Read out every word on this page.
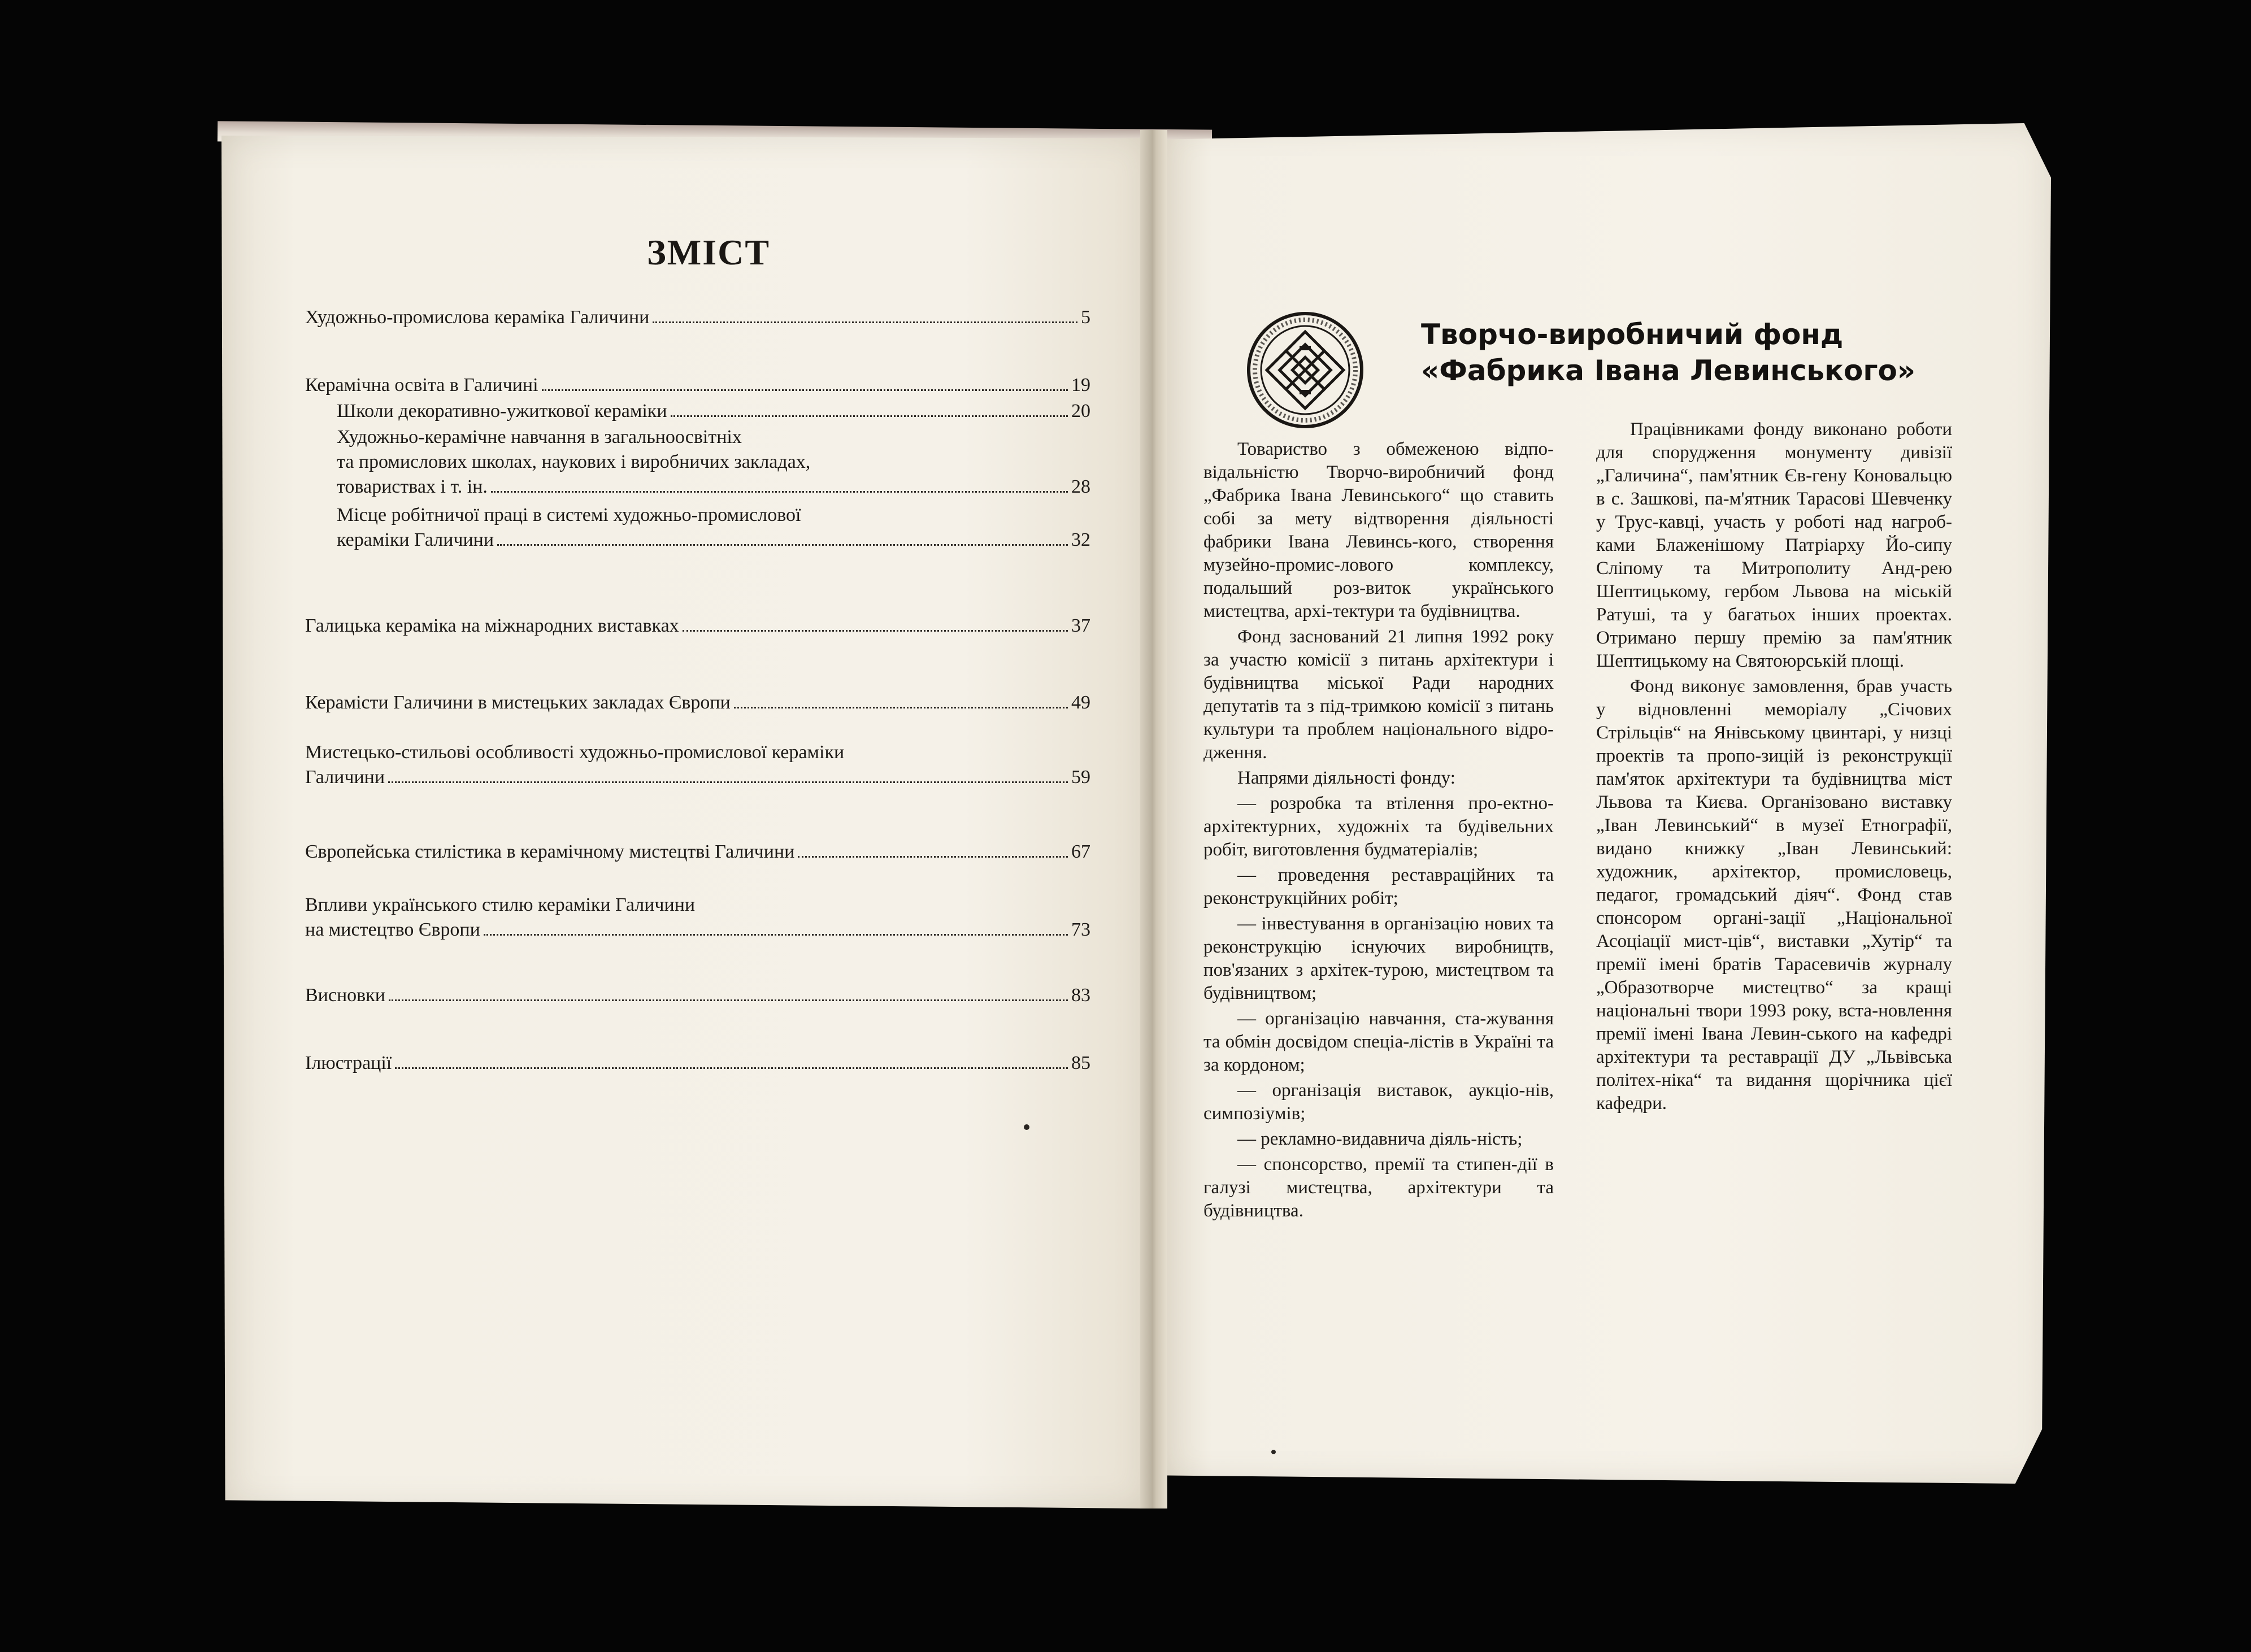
ЗМІСТ
Художньо-промислова кераміка Галичини	5
Керамічна освіта в Галичині	19
Школи декоративно-ужиткової кераміки	20
Художньо-керамічне навчання в загальноосвітніх
та промислових школах, наукових і виробничих закладах,
товариствах і т. ін.	28
Місце робітничої праці в системі художньо-промислової
кераміки Галичини	32
Галицька кераміка на міжнародних виставках	37
Керамісти Галичини в мистецьких закладах Європи	49
Мистецько-стильові особливості художньо-промислової кераміки
Галичини	59
Європейська стилістика в керамічному мистецтві Галичини	67
Впливи українського стилю кераміки Галичини
на мистецтво Європи	73
Висновки	83
Ілюстрації	85
Творчо-виробничий фонд
«Фабрика Івана Левинського»

Товариство з обмеженою відпо-відальністю Творчо-виробничий фонд „Фабрика Івана Левинського“ що ставить собі за мету відтворення діяльності фабрики Івана Левинсь-кого, створення музейно-промис-лового комплексу, подальший роз-виток українського мистецтва, архі-тектури та будівництва.

Фонд заснований 21 липня 1992 року за участю комісії з питань архітектури і будівництва міської Ради народних депутатів та з під-тримкою комісії з питань культури та проблем національного відро-дження.

Напрями діяльності фонду:

— розробка та втілення про-ектно-архітектурних, художніх та будівельних робіт, виготовлення будматеріалів;

— проведення реставраційних та реконструкційних робіт;

— інвестування в організацію нових та реконструкцію існуючих виробництв, пов'язаних з архітек-турою, мистецтвом та будівництвом;

— організацію навчання, ста-жування та обмін досвідом спеціа-лістів в Україні та за кордоном;

— організація виставок, аукціо-нів, симпозіумів;

— рекламно-видавнича діяль-ність;

— спонсорство, премії та стипен-дії в галузі мистецтва, архітектури та будівництва.

Працівниками фонду виконано роботи для спорудження монументу дивізії „Галичина“, пам'ятник Єв-гену Коновальцю в с. Зашкові, па-м'ятник Тарасові Шевченку у Трус-кавці, участь у роботі над нагроб-ками Блаженішому Патріарху Йо-сипу Сліпому та Митрополиту Анд-рею Шептицькому, гербом Львова на міській Ратуші, та у багатьох інших проектах. Отримано першу премію за пам'ятник Шептицькому на Святоюрській площі.

Фонд виконує замовлення, брав участь у відновленні меморіалу „Січових Стрільців“ на Янівському цвинтарі, у низці проектів та пропо-зицій із реконструкції пам'яток архітектури та будівництва міст Львова та Києва. Організовано виставку „Іван Левинський“ в музеї Етнографії, видано книжку „Іван Левинський: художник, архітектор, промисловець, педагог, громадський діяч“. Фонд став спонсором органі-зації „Національної Асоціації мист-ців“, виставки „Хутір“ та премії імені братів Тарасевичів журналу „Образотворче мистецтво“ за кращі національні твори 1993 року, вста-новлення премії імені Івана Левин-ського на кафедрі архітектури та реставрації ДУ „Львівська політех-ніка“ та видання щорічника цієї кафедри.
